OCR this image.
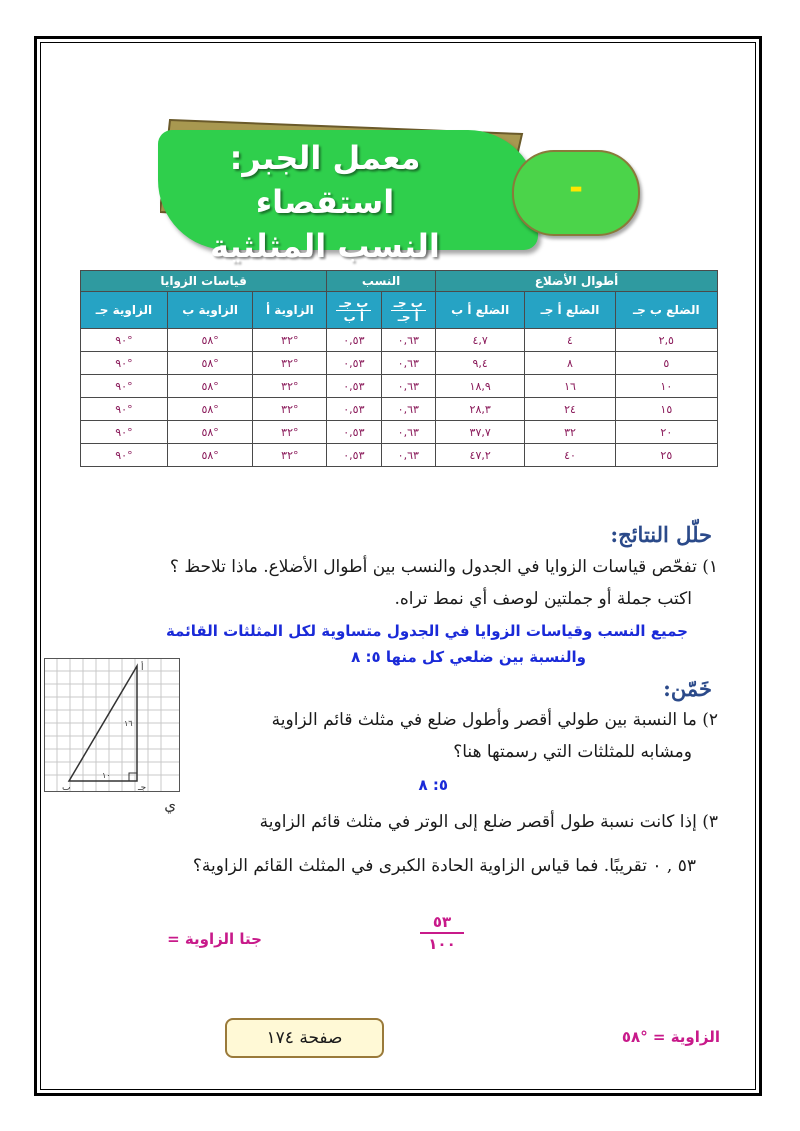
معمل الجبر: استقصاء
النسب المثلثية
-
أطوال الأضلاع			النسب		قياسات الزوايا		
الضلع ب جـ	الضلع أ جـ	الضلع أ ب	$\frac{\text{ب جـ}}{\text{أ جـ}}$	$\frac{\text{ب جـ}}{\text{أ ب}}$	الزاوية أ	الزاوية ب	الزاوية جـ
٢,٥	٤	٤,٧	٠,٦٣	٠,٥٣	°٣٢	°٥٨	°٩٠
٥	٨	٩,٤	٠,٦٣	٠,٥٣	°٣٢	°٥٨	°٩٠
١٠	١٦	١٨,٩	٠,٦٣	٠,٥٣	°٣٢	°٥٨	°٩٠
١٥	٢٤	٢٨,٣	٠,٦٣	٠,٥٣	°٣٢	°٥٨	°٩٠
٢٠	٣٢	٣٧,٧	٠,٦٣	٠,٥٣	°٣٢	°٥٨	°٩٠
٢٥	٤٠	٤٧,٢	٠,٦٣	٠,٥٣	°٣٢	°٥٨	°٩٠
حلّل النتائج:
١) تفحّص قياسات الزوايا في الجدول والنسب بين أطوال الأضلاع. ماذا تلاحظ ؟
اكتب جملة أو جملتين لوصف أي نمط تراه.
جميع النسب وقياسات الزوايا في الجدول متساوية لكل المثلثات القائمة
والنسبة بين ضلعي كل منها ٥: ٨
خَمّن:
٢) ما النسبة بين طولي أقصر وأطول ضلع في مثلث قائم الزاوية
ومشابه للمثلثات التي رسمتها هنا؟
٥: ٨
أ
ب	جـ
١٦
١٠
ي
٣) إذا كانت نسبة طول أقصر ضلع إلى الوتر في مثلث قائم الزاوية
٥٣ , ٠ تقريبًا. فما قياس الزاوية الحادة الكبرى في المثلث القائم الزاوية؟
جتا الزاوية =
٥٣
١٠٠
الزاوية = °٥٨
صفحة ١٧٤
